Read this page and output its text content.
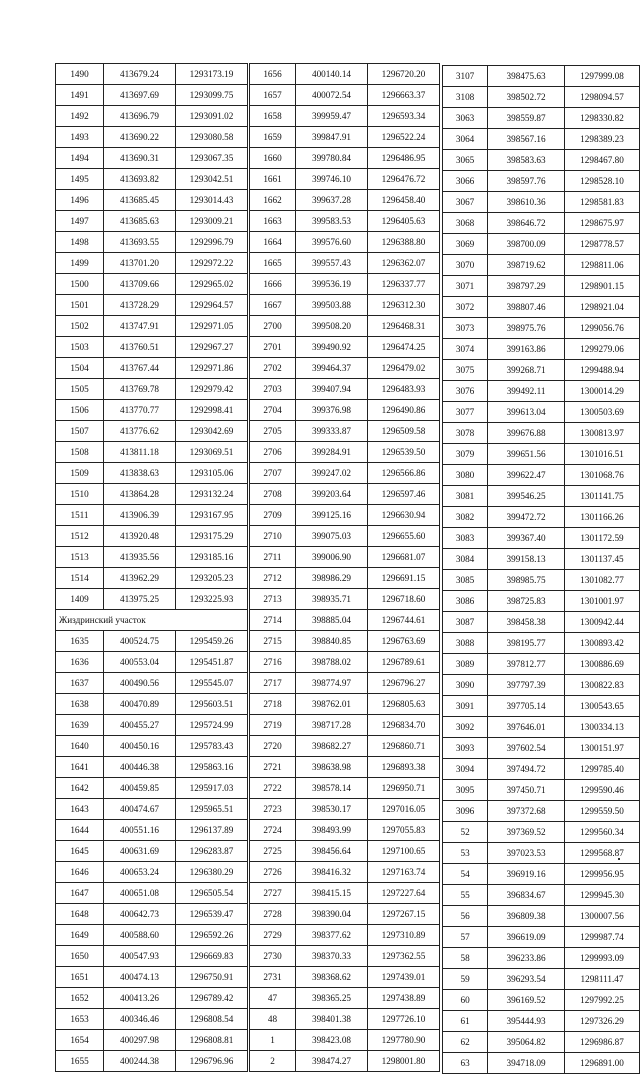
1490	413679.24	1293173.19
1491	413697.69	1293099.75
1492	413696.79	1293091.02
1493	413690.22	1293080.58
1494	413690.31	1293067.35
1495	413693.82	1293042.51
1496	413685.45	1293014.43
1497	413685.63	1293009.21
1498	413693.55	1292996.79
1499	413701.20	1292972.22
1500	413709.66	1292965.02
1501	413728.29	1292964.57
1502	413747.91	1292971.05
1503	413760.51	1292967.27
1504	413767.44	1292971.86
1505	413769.78	1292979.42
1506	413770.77	1292998.41
1507	413776.62	1293042.69
1508	413811.18	1293069.51
1509	413838.63	1293105.06
1510	413864.28	1293132.24
1511	413906.39	1293167.95
1512	413920.48	1293175.29
1513	413935.56	1293185.16
1514	413962.29	1293205.23
1409	413975.25	1293225.93
Жиздринский участок		
1635	400524.75	1295459.26
1636	400553.04	1295451.87
1637	400490.56	1295545.07
1638	400470.89	1295603.51
1639	400455.27	1295724.99
1640	400450.16	1295783.43
1641	400446.38	1295863.16
1642	400459.85	1295917.03
1643	400474.67	1295965.51
1644	400551.16	1296137.89
1645	400631.69	1296283.87
1646	400653.24	1296380.29
1647	400651.08	1296505.54
1648	400642.73	1296539.47
1649	400588.60	1296592.26
1650	400547.93	1296669.83
1651	400474.13	1296750.91
1652	400413.26	1296789.42
1653	400346.46	1296808.54
1654	400297.98	1296808.81
1655	400244.38	1296796.96
1656	400140.14	1296720.20
1657	400072.54	1296663.37
1658	399959.47	1296593.34
1659	399847.91	1296522.24
1660	399780.84	1296486.95
1661	399746.10	1296476.72
1662	399637.28	1296458.40
1663	399583.53	1296405.63
1664	399576.60	1296388.80
1665	399557.43	1296362.07
1666	399536.19	1296337.77
1667	399503.88	1296312.30
2700	399508.20	1296468.31
2701	399490.92	1296474.25
2702	399464.37	1296479.02
2703	399407.94	1296483.93
2704	399376.98	1296490.86
2705	399333.87	1296509.58
2706	399284.91	1296539.50
2707	399247.02	1296566.86
2708	399203.64	1296597.46
2709	399125.16	1296630.94
2710	399075.03	1296655.60
2711	399006.90	1296681.07
2712	398986.29	1296691.15
2713	398935.71	1296718.60
2714	398885.04	1296744.61
2715	398840.85	1296763.69
2716	398788.02	1296789.61
2717	398774.97	1296796.27
2718	398762.01	1296805.63
2719	398717.28	1296834.70
2720	398682.27	1296860.71
2721	398638.98	1296893.38
2722	398578.14	1296950.71
2723	398530.17	1297016.05
2724	398493.99	1297055.83
2725	398456.64	1297100.65
2726	398416.32	1297163.74
2727	398415.15	1297227.64
2728	398390.04	1297267.15
2729	398377.62	1297310.89
2730	398370.33	1297362.55
2731	398368.62	1297439.01
47	398365.25	1297438.89
48	398401.38	1297726.10
1	398423.08	1297780.90
2	398474.27	1298001.80
3107	398475.63	1297999.08
3108	398502.72	1298094.57
3063	398559.87	1298330.82
3064	398567.16	1298389.23
3065	398583.63	1298467.80
3066	398597.76	1298528.10
3067	398610.36	1298581.83
3068	398646.72	1298675.97
3069	398700.09	1298778.57
3070	398719.62	1298811.06
3071	398797.29	1298901.15
3072	398807.46	1298921.04
3073	398975.76	1299056.76
3074	399163.86	1299279.06
3075	399268.71	1299488.94
3076	399492.11	1300014.29
3077	399613.04	1300503.69
3078	399676.88	1300813.97
3079	399651.56	1301016.51
3080	399622.47	1301068.76
3081	399546.25	1301141.75
3082	399472.72	1301166.26
3083	399367.40	1301172.59
3084	399158.13	1301137.45
3085	398985.75	1301082.77
3086	398725.83	1301001.97
3087	398458.38	1300942.44
3088	398195.77	1300893.42
3089	397812.77	1300886.69
3090	397797.39	1300822.83
3091	397705.14	1300543.65
3092	397646.01	1300334.13
3093	397602.54	1300151.97
3094	397494.72	1299785.40
3095	397450.71	1299590.46
3096	397372.68	1299559.50
52	397369.52	1299560.34
53	397023.53	1299568.87
54	396919.16	1299956.95
55	396834.67	1299945.30
56	396809.38	1300007.56
57	396619.09	1299987.74
58	396233.86	1299993.09
59	396293.54	1298111.47
60	396169.52	1297992.25
61	395444.93	1297326.29
62	395064.82	1296986.87
63	394718.09	1296891.00
